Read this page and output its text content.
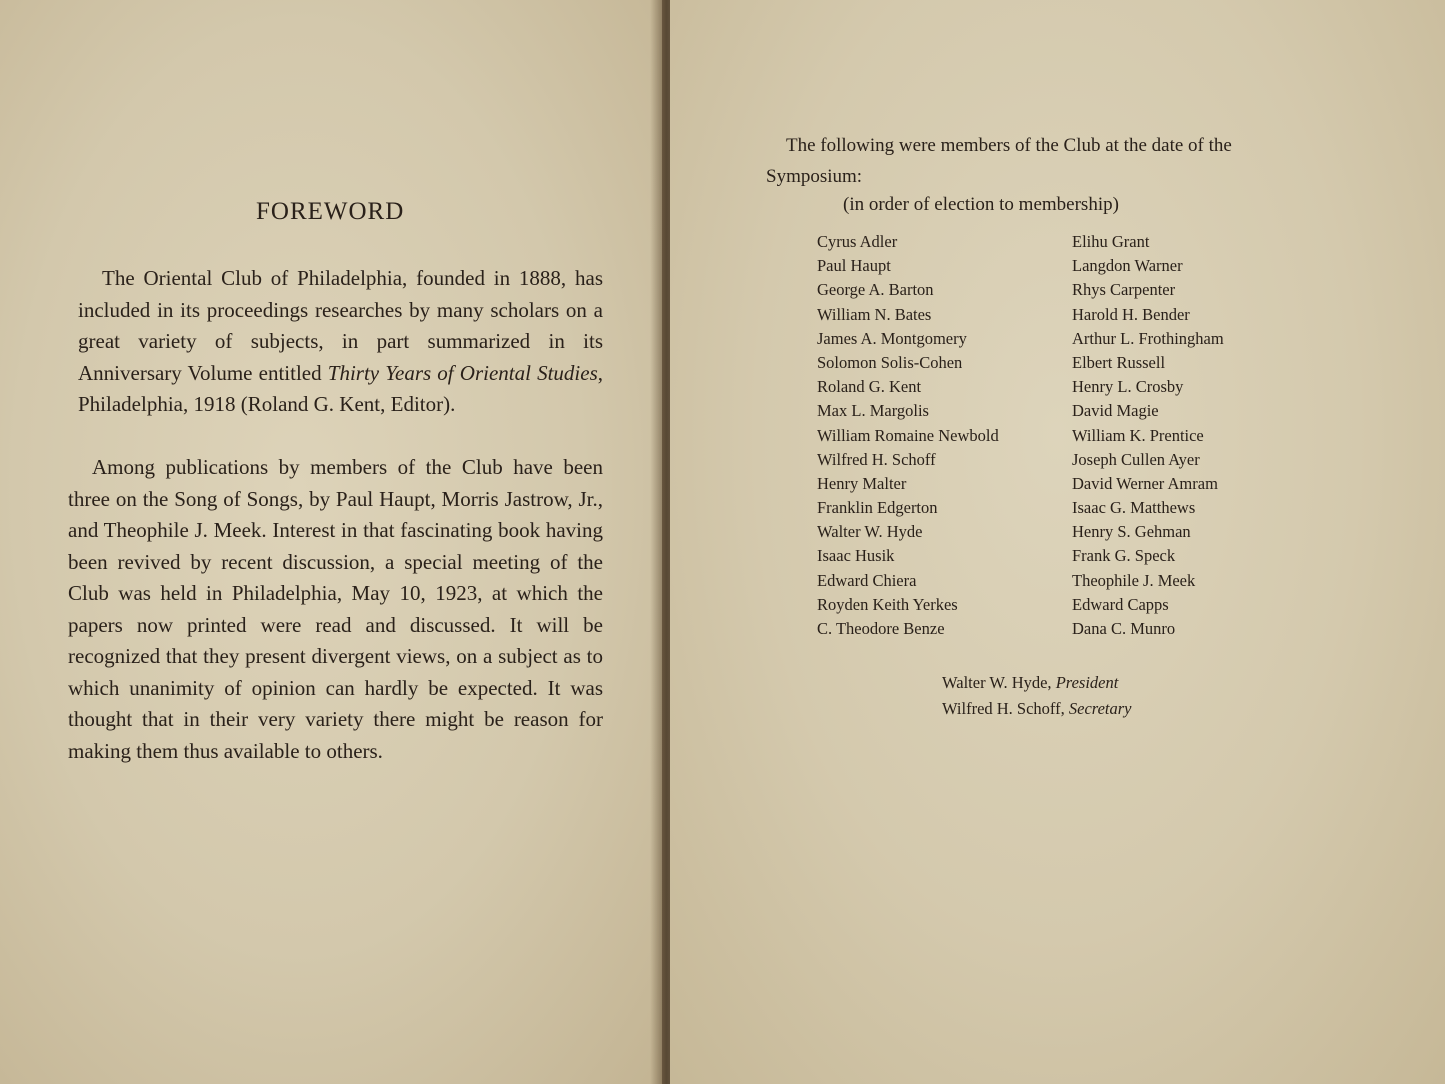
FOREWORD

The Oriental Club of Philadelphia, founded in 1888, has included in its proceedings researches by many scholars on a great variety of subjects, in part summarized in its Anniversary Volume entitled Thirty Years of Oriental Studies, Philadelphia, 1918 (Roland G. Kent, Editor).

Among publications by members of the Club have been three on the Song of Songs, by Paul Haupt, Morris Jastrow, Jr., and Theophile J. Meek. Interest in that fascinating book having been revived by recent discussion, a special meeting of the Club was held in Philadelphia, May 10, 1923, at which the papers now printed were read and discussed. It will be recognized that they present divergent views, on a subject as to which unanimity of opinion can hardly be expected. It was thought that in their very variety there might be reason for making them thus available to others.

The following were members of the Club at the date of the Symposium:

(in order of election to membership)
Cyrus Adler
Paul Haupt
George A. Barton
William N. Bates
James A. Montgomery
Solomon Solis-Cohen
Roland G. Kent
Max L. Margolis
William Romaine Newbold
Wilfred H. Schoff
Henry Malter
Franklin Edgerton
Walter W. Hyde
Isaac Husik
Edward Chiera
Royden Keith Yerkes
C. Theodore Benze
Elihu Grant
Langdon Warner
Rhys Carpenter
Harold H. Bender
Arthur L. Frothingham
Elbert Russell
Henry L. Crosby
David Magie
William K. Prentice
Joseph Cullen Ayer
David Werner Amram
Isaac G. Matthews
Henry S. Gehman
Frank G. Speck
Theophile J. Meek
Edward Capps
Dana C. Munro
Walter W. Hyde, President
Wilfred H. Schoff, Secretary
